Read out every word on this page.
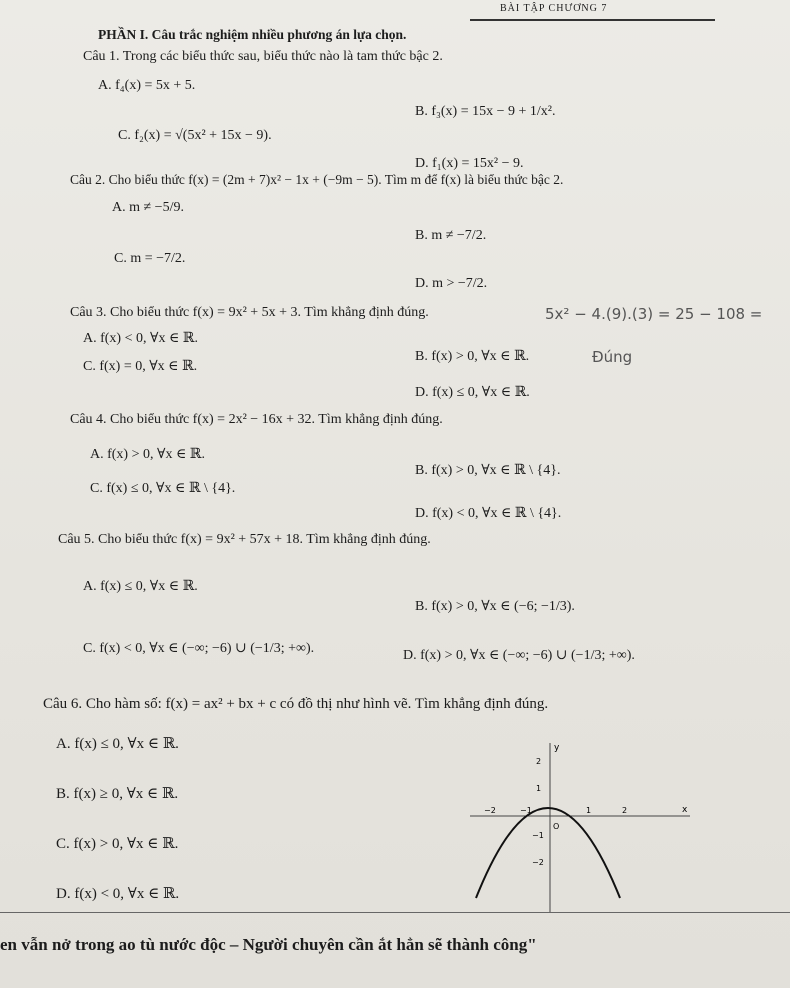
BÀI TẬP CHƯƠNG 7
PHẦN I. Câu trắc nghiệm nhiều phương án lựa chọn.
Câu 1. Trong các biểu thức sau, biểu thức nào là tam thức bậc 2.
A. f₄(x) = 5x + 5.
B. f₃(x) = 15x − 9 + 1/x².
C. f₂(x) = √(5x² + 15x − 9).
D. f₁(x) = 15x² − 9.
Câu 2. Cho biểu thức f(x) = (2m + 7)x² − 1x + (−9m − 5). Tìm m để f(x) là biểu thức bậc 2.
A. m ≠ −5/9.
B. m ≠ −7/2.
C. m = −7/2.
D. m > −7/2.
Câu 3. Cho biểu thức f(x) = 9x² + 5x + 3. Tìm khẳng định đúng.	5x² − 4.(9).(3) = 25 − 108 =
A. f(x) < 0, ∀x ∈ ℝ.
B. f(x) > 0, ∀x ∈ ℝ.	Đúng
C. f(x) = 0, ∀x ∈ ℝ.
D. f(x) ≤ 0, ∀x ∈ ℝ.
Câu 4. Cho biểu thức f(x) = 2x² − 16x + 32. Tìm khẳng định đúng.
A. f(x) > 0, ∀x ∈ ℝ.
B. f(x) > 0, ∀x ∈ ℝ \ {4}.
C. f(x) ≤ 0, ∀x ∈ ℝ \ {4}.
D. f(x) < 0, ∀x ∈ ℝ \ {4}.
Câu 5. Cho biểu thức f(x) = 9x² + 57x + 18. Tìm khẳng định đúng.
A. f(x) ≤ 0, ∀x ∈ ℝ.
B. f(x) > 0, ∀x ∈ (−6; −1/3).
C. f(x) < 0, ∀x ∈ (−∞; −6) ∪ (−1/3; +∞).	D. f(x) > 0, ∀x ∈ (−∞; −6) ∪ (−1/3; +∞).
Câu 6. Cho hàm số: f(x) = ax² + bx + c có đồ thị như hình vẽ. Tìm khẳng định đúng.
A. f(x) ≤ 0, ∀x ∈ ℝ.
B. f(x) ≥ 0, ∀x ∈ ℝ.
C. f(x) > 0, ∀x ∈ ℝ.
D. f(x) < 0, ∀x ∈ ℝ.
y
x
O
−2	−1	1	2
2
1
−1
−2
en vẫn nở trong ao tù nước độc – Người chuyên cần ắt hẳn sẽ thành công"
